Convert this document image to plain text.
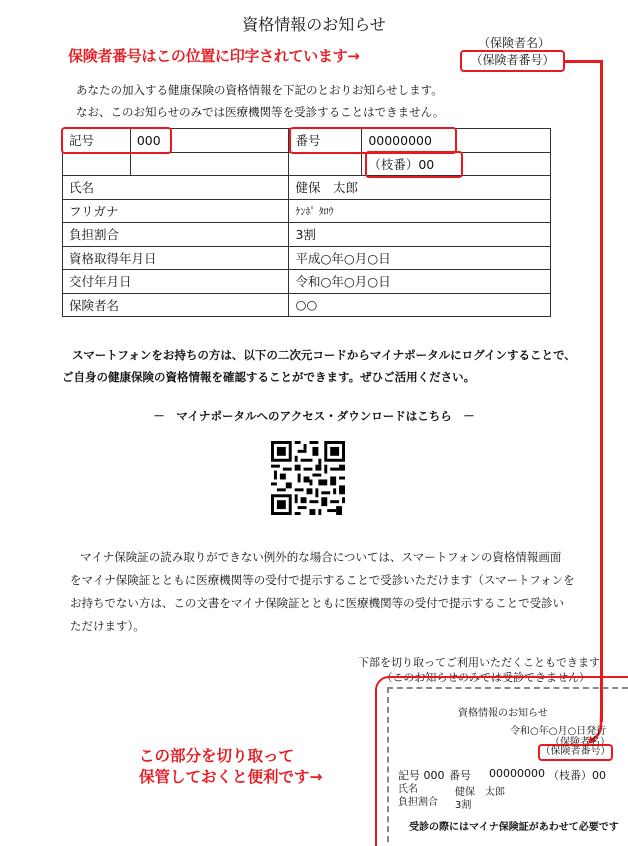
資格情報のお知らせ
（保険者名）
保険者番号はこの位置に印字されています→	（保険者番号）
あなたの加入する健康保険の資格情報を下記のとおりお知らせします。
なお、このお知らせのみでは医療機関等を受診することはできません。
記号	000	番号	00000000
			（枝番）00
氏名		健保　太郎	
フリガナ		ｹﾝﾎﾟ ﾀﾛｳ	
負担割合		3割	
資格取得年月日		平成○年○月○日	
交付年月日		令和○年○月○日	
保険者名		○○	
スマートフォンをお持ちの方は、以下の二次元コードからマイナポータルにログインすることで、
ご自身の健康保険の資格情報を確認することができます。ぜひご活用ください。
－　マイナポータルへのアクセス・ダウンロードはこちら　－
マイナ保険証の読み取りができない例外的な場合については、スマートフォンの資格情報画面
をマイナ保険証とともに医療機関等の受付で提示することで受診いただけます（スマートフォンを
お持ちでない方は、この文書をマイナ保険証とともに医療機関等の受付で提示することで受診い
ただけます）。
下部を切り取ってご利用いただくこともできます
（このお知らせのみでは受診できません）
資格情報のお知らせ
令和○年○月○日発行
（保険者名）
（保険者番号）
記号 000 番号 00000000 （枝番）00
氏名	健保　太郎
負担割合 3割
受診の際にはマイナ保険証があわせて必要です
この部分を切り取って
保管しておくと便利です→
